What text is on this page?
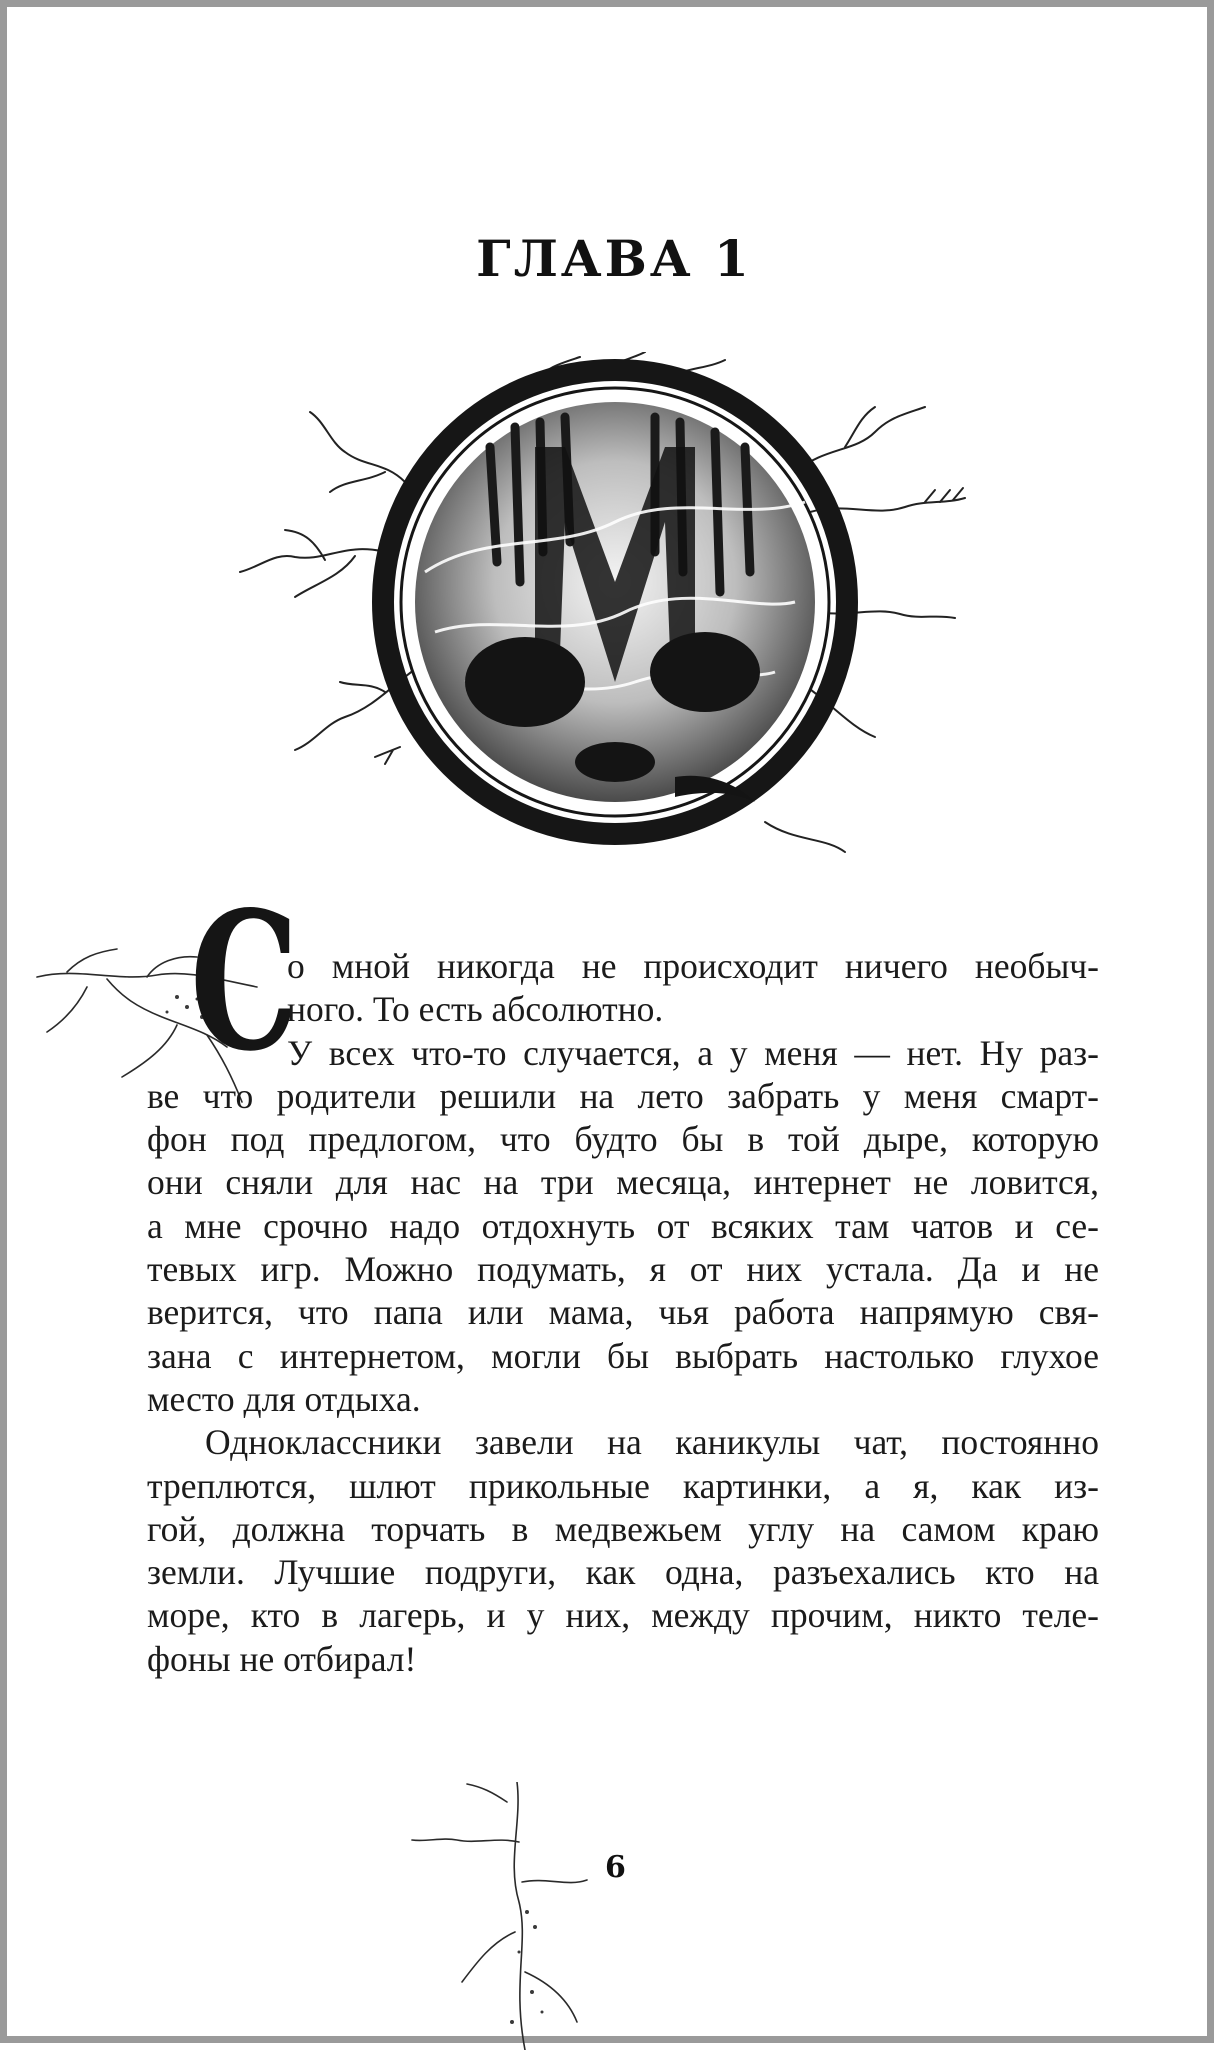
ГЛАВА 1
С

о мной никогда не происходит ничего необыч-
ного. То есть абсолютно.

У всех что-то случается, а у меня — нет. Ну раз-
ве что родители решили на лето забрать у меня смарт-
фон под предлогом, что будто бы в той дыре, которую
они сняли для нас на три месяца, интернет не ловится,
а мне срочно надо отдохнуть от всяких там чатов и се-
тевых игр. Можно подумать, я от них устала. Да и не
верится, что папа или мама, чья работа напрямую свя-
зана с интернетом, могли бы выбрать настолько глухое
место для отдыха.

Одноклассники завели на каникулы чат, постоянно
треплются, шлют прикольные картинки, а я, как из-
гой, должна торчать в медвежьем углу на самом краю
земли. Лучшие подруги, как одна, разъехались кто на
море, кто в лагерь, и у них, между прочим, никто теле-
фоны не отбирал!

6
